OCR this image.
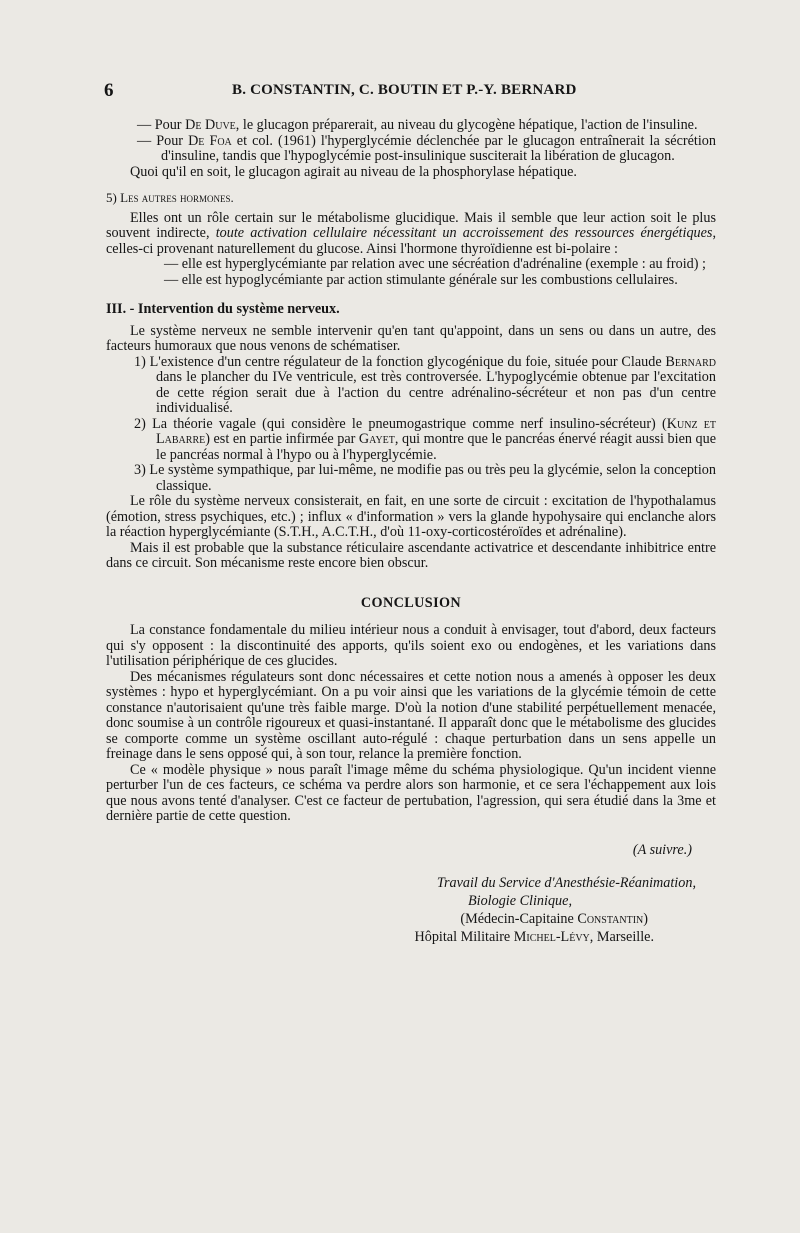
6	B. CONSTANTIN, C. BOUTIN ET P.-Y. BERNARD

— Pour De Duve, le glucagon préparerait, au niveau du glycogène hépatique, l'action de l'insuline.

— Pour De Foa et col. (1961) l'hyperglycémie déclenchée par le glucagon entraînerait la sécrétion d'insuline, tandis que l'hypoglycémie post-insulinique susciterait la libération de glucagon.

Quoi qu'il en soit, le glucagon agirait au niveau de la phosphorylase hépatique.

5) Les autres hormones.

Elles ont un rôle certain sur le métabolisme glucidique. Mais il semble que leur action soit le plus souvent indirecte, toute activation cellulaire nécessitant un accroissement des ressources énergétiques, celles-ci provenant naturellement du glucose. Ainsi l'hormone thyroïdienne est bi-polaire :

— elle est hyperglycémiante par relation avec une sécréation d'adrénaline (exemple : au froid) ;

— elle est hypoglycémiante par action stimulante générale sur les combustions cellulaires.

III. - Intervention du système nerveux.

Le système nerveux ne semble intervenir qu'en tant qu'appoint, dans un sens ou dans un autre, des facteurs humoraux que nous venons de schématiser.

1) L'existence d'un centre régulateur de la fonction glycogénique du foie, située pour Claude Bernard dans le plancher du IVe ventricule, est très controversée. L'hypoglycémie obtenue par l'excitation de cette région serait due à l'action du centre adrénalino-sécréteur et non pas d'un centre individualisé.

2) La théorie vagale (qui considère le pneumogastrique comme nerf insulino-sécréteur) (Kunz et Labarre) est en partie infirmée par Gayet, qui montre que le pancréas énervé réagit aussi bien que le pancréas normal à l'hypo ou à l'hyperglycémie.

3) Le système sympathique, par lui-même, ne modifie pas ou très peu la glycémie, selon la conception classique.

Le rôle du système nerveux consisterait, en fait, en une sorte de circuit : excitation de l'hypothalamus (émotion, stress psychiques, etc.) ; influx « d'information » vers la glande hypohysaire qui enclanche alors la réaction hyperglycémiante (S.T.H., A.C.T.H., d'où 11-oxy-corticostéroïdes et adrénaline).

Mais il est probable que la substance réticulaire ascendante activatrice et descendante inhibitrice entre dans ce circuit. Son mécanisme reste encore bien obscur.

CONCLUSION

La constance fondamentale du milieu intérieur nous a conduit à envisager, tout d'abord, deux facteurs qui s'y opposent : la discontinuité des apports, qu'ils soient exo ou endogènes, et les variations dans l'utilisation périphérique de ces glucides.

Des mécanismes régulateurs sont donc nécessaires et cette notion nous a amenés à opposer les deux systèmes : hypo et hyperglycémiant. On a pu voir ainsi que les variations de la glycémie témoin de cette constance n'autorisaient qu'une très faible marge. D'où la notion d'une stabilité perpétuellement menacée, donc soumise à un contrôle rigoureux et quasi-instantané. Il apparaît donc que le métabolisme des glucides se comporte comme un système oscillant auto-régulé : chaque perturbation dans un sens appelle un freinage dans le sens opposé qui, à son tour, relance la première fonction.

Ce « modèle physique » nous paraît l'image même du schéma physiologique. Qu'un incident vienne perturber l'un de ces facteurs, ce schéma va perdre alors son harmonie, et ce sera l'échappement aux lois que nous avons tenté d'analyser. C'est ce facteur de pertubation, l'agression, qui sera étudié dans la 3me et dernière partie de cette question.

(A suivre.)

Travail du Service d'Anesthésie-Réanimation,

Biologie Clinique,

(Médecin-Capitaine Constantin)

Hôpital Militaire Michel-Lévy, Marseille.
